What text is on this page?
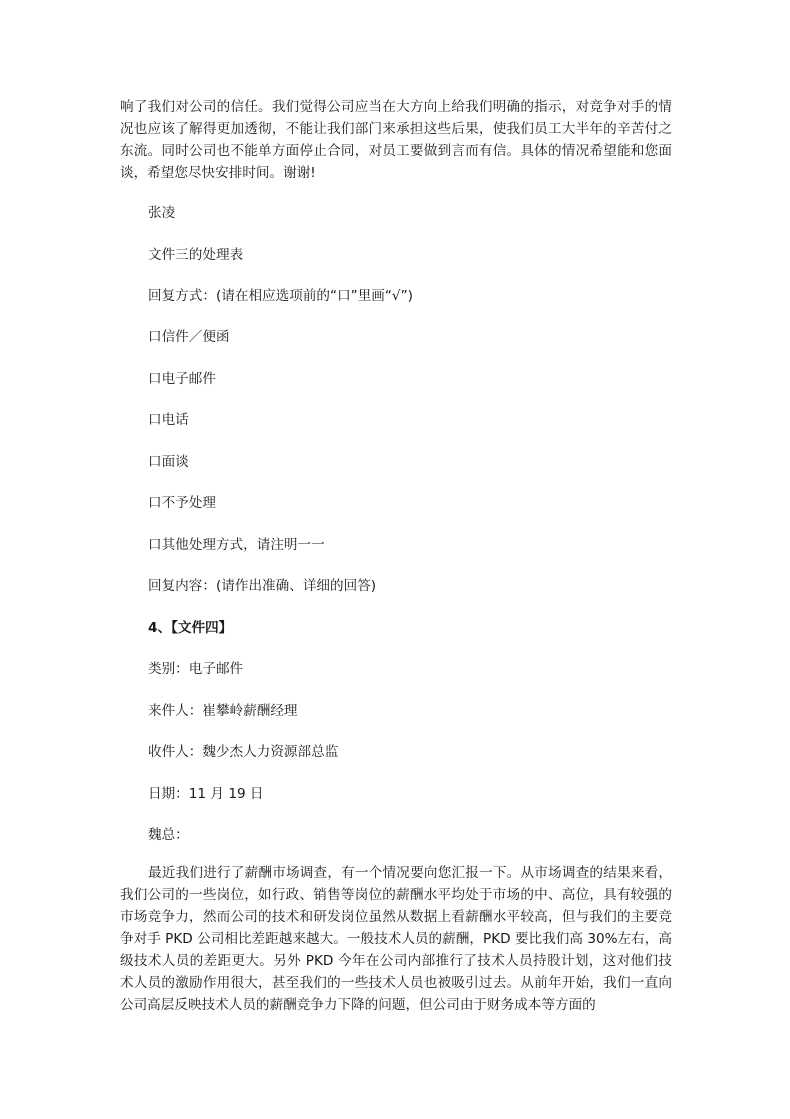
响了我们对公司的信任。我们觉得公司应当在大方向上给我们明确的指示，对竞争对手的情况也应该了解得更加透彻，不能让我们部门来承担这些后果，使我们员工大半年的辛苦付之东流。同时公司也不能单方面停止合同，对员工要做到言而有信。具体的情况希望能和您面谈，希望您尽快安排时间。谢谢!

张凌

文件三的处理表

回复方式：(请在相应选项前的“口”里画“√”)

口信件／便函

口电子邮件

口电话

口面谈

口不予处理

口其他处理方式，请注明一一

回复内容：(请作出准确、详细的回答)

4、【文件四】

类别：电子邮件

来件人：崔攀岭薪酬经理

收件人：魏少杰人力资源部总监

日期：11 月 19 日

魏总：

最近我们进行了薪酬市场调查，有一个情况要向您汇报一下。从市场调查的结果来看，我们公司的一些岗位，如行政、销售等岗位的薪酬水平均处于市场的中、高位，具有较强的市场竞争力，然而公司的技术和研发岗位虽然从数据上看薪酬水平较高，但与我们的主要竞争对手 PKD 公司相比差距越来越大。一般技术人员的薪酬，PKD 要比我们高 30%左右，高级技术人员的差距更大。另外 PKD 今年在公司内部推行了技术人员持股计划，这对他们技术人员的激励作用很大，甚至我们的一些技术人员也被吸引过去。从前年开始，我们一直向公司高层反映技术人员的薪酬竞争力下降的问题，但公司由于财务成本等方面的
